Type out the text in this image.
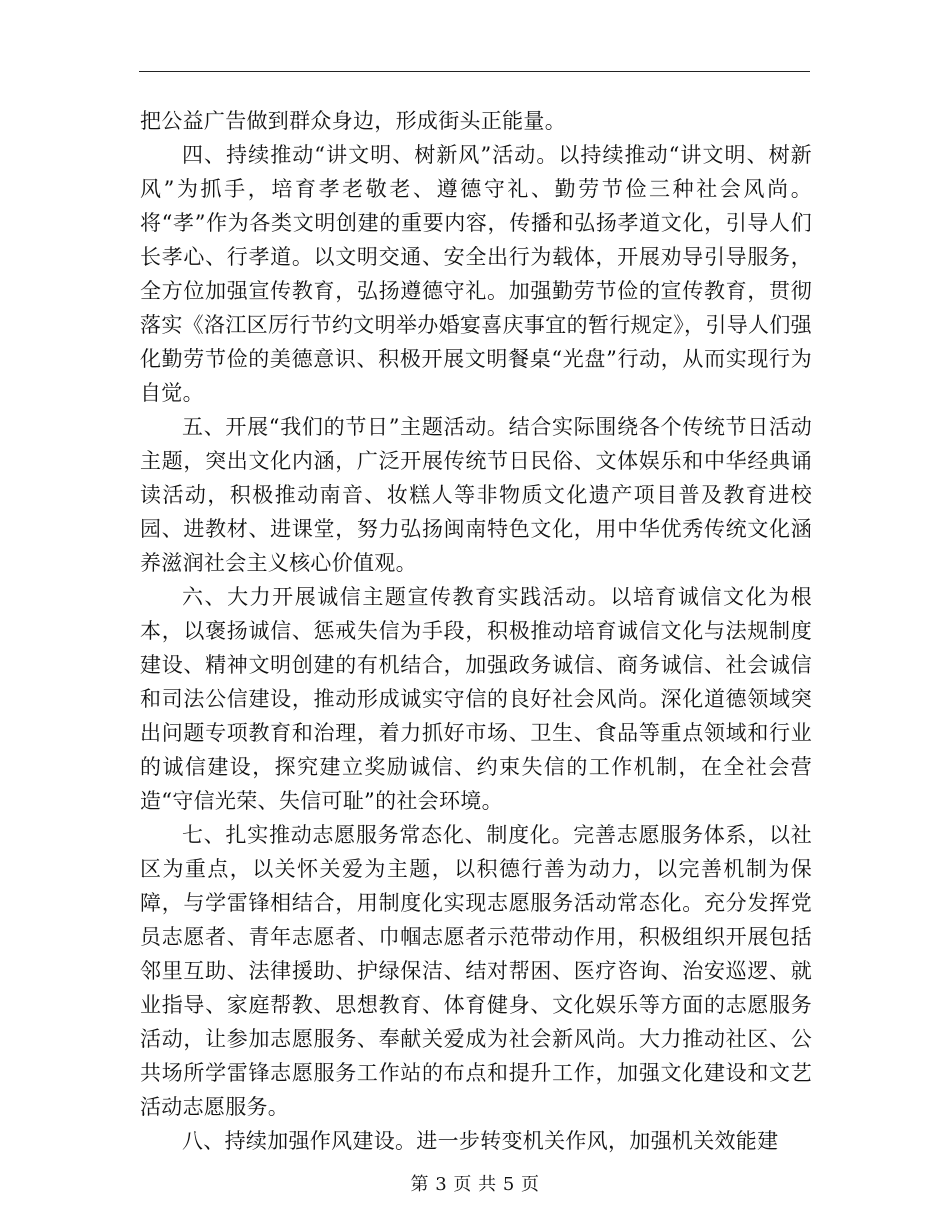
把公益广告做到群众身边，形成街头正能量。

四、持续推动“讲文明、树新风”活动。以持续推动“讲文明、树新风”为抓手，培育孝老敬老、遵德守礼、勤劳节俭三种社会风尚。将“孝”作为各类文明创建的重要内容，传播和弘扬孝道文化，引导人们长孝心、行孝道。以文明交通、安全出行为载体，开展劝导引导服务，全方位加强宣传教育，弘扬遵德守礼。加强勤劳节俭的宣传教育，贯彻落实《洛江区厉行节约文明举办婚宴喜庆事宜的暂行规定》，引导人们强化勤劳节俭的美德意识、积极开展文明餐桌“光盘”行动，从而实现行为自觉。

五、开展“我们的节日”主题活动。结合实际围绕各个传统节日活动主题，突出文化内涵，广泛开展传统节日民俗、文体娱乐和中华经典诵读活动，积极推动南音、妆糕人等非物质文化遗产项目普及教育进校园、进教材、进课堂，努力弘扬闽南特色文化，用中华优秀传统文化涵养滋润社会主义核心价值观。

六、大力开展诚信主题宣传教育实践活动。以培育诚信文化为根本，以褒扬诚信、惩戒失信为手段，积极推动培育诚信文化与法规制度建设、精神文明创建的有机结合，加强政务诚信、商务诚信、社会诚信和司法公信建设，推动形成诚实守信的良好社会风尚。深化道德领域突出问题专项教育和治理，着力抓好市场、卫生、食品等重点领域和行业的诚信建设，探究建立奖励诚信、约束失信的工作机制，在全社会营造“守信光荣、失信可耻”的社会环境。

七、扎实推动志愿服务常态化、制度化。完善志愿服务体系，以社区为重点，以关怀关爱为主题，以积德行善为动力，以完善机制为保障，与学雷锋相结合，用制度化实现志愿服务活动常态化。充分发挥党员志愿者、青年志愿者、巾帼志愿者示范带动作用，积极组织开展包括邻里互助、法律援助、护绿保洁、结对帮困、医疗咨询、治安巡逻、就业指导、家庭帮教、思想教育、体育健身、文化娱乐等方面的志愿服务活动，让参加志愿服务、奉献关爱成为社会新风尚。大力推动社区、公共场所学雷锋志愿服务工作站的布点和提升工作，加强文化建设和文艺活动志愿服务。

八、持续加强作风建设。进一步转变机关作风，加强机关效能建

第 3 页 共 5 页
